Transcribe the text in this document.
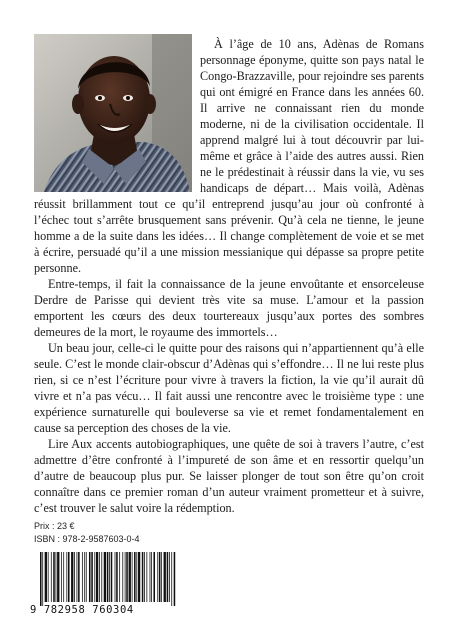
À l’âge de 10 ans, Adènas de Romans personnage éponyme, quitte son pays natal le Congo-Brazzaville, pour rejoindre ses parents qui ont émigré en France dans les années 60. Il arrive ne connaissant rien du monde moderne, ni de la civilisation occidentale. Il apprend malgré lui à tout découvrir par lui-même et grâce à l’aide des autres aussi. Rien ne le prédestinait à réussir dans la vie, vu ses handicaps de départ… Mais voilà, Adènas réussit brillamment tout ce qu’il entreprend jusqu’au jour où confronté à l’échec tout s’arrête brusquement sans prévenir. Qu’à cela ne tienne, le jeune homme a de la suite dans les idées… Il change complètement de voie et se met à écrire, persuadé qu’il a une mission messianique qui dépasse sa propre petite personne.

Entre-temps, il fait la connaissance de la jeune envoûtante et ensorceleuse Derdre de Parisse qui devient très vite sa muse. L’amour et la passion emportent les cœurs des deux tourtereaux jusqu’aux portes des sombres demeures de la mort, le royaume des immortels…

Un beau jour, celle-ci le quitte pour des raisons qui n’appartiennent qu’à elle seule. C’est le monde clair-obscur d’Adènas qui s’effondre… Il ne lui reste plus rien, si ce n’est l’écriture pour vivre à travers la fiction, la vie qu’il aurait dû vivre et n’a pas vécu… Il fait aussi une rencontre avec le troisième type : une expérience surnaturelle qui bouleverse sa vie et remet fondamentalement en cause sa perception des choses de la vie.

Lire Aux accents autobiographiques, une quête de soi à travers l’autre, c’est admettre d’être confronté à l’impureté de son âme et en ressortir quelqu’un d’autre de beaucoup plus pur. Se laisser plonger de tout son être qu’on croit connaître dans ce premier roman d’un auteur vraiment prometteur et à suivre, c’est trouver le salut voire la rédemption.

Prix : 23 €
ISBN : 978-2-9587603-0-4
9 782958 760304
